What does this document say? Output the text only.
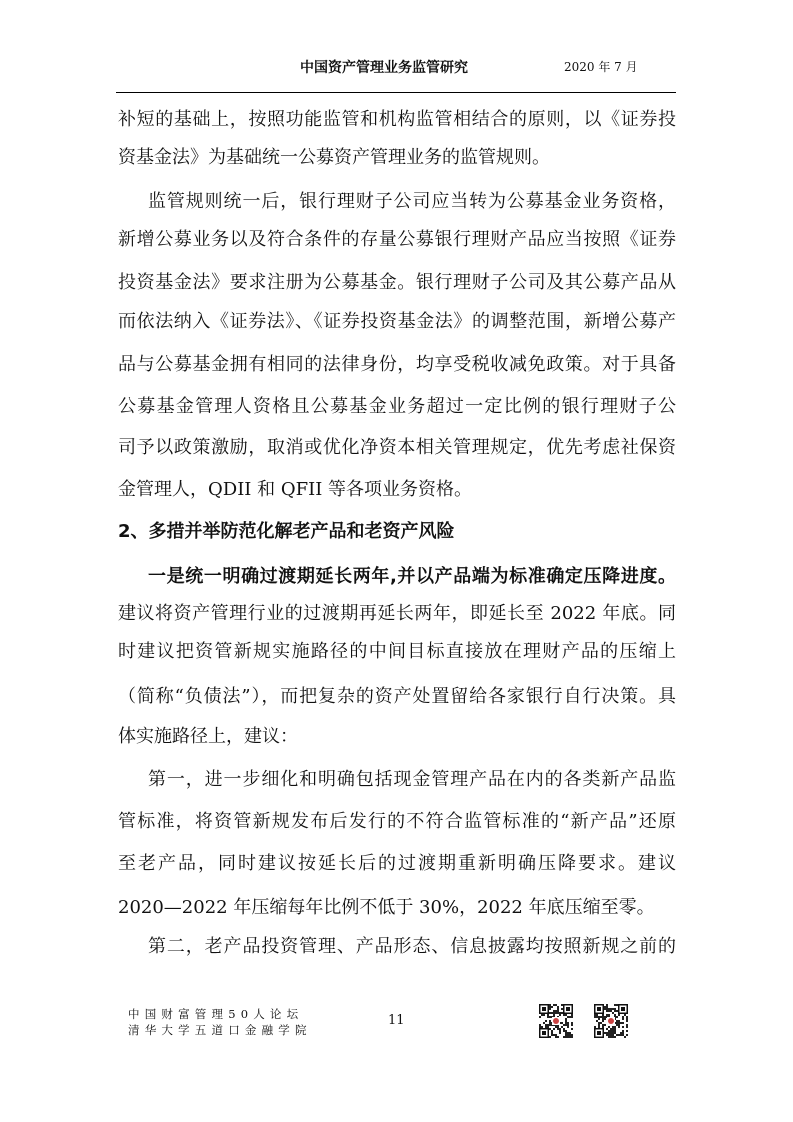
中国资产管理业务监管研究	2020 年 7 月
补短的基础上，按照功能监管和机构监管相结合的原则，以《证券投
资基金法》为基础统一公募资产管理业务的监管规则。
监管规则统一后，银行理财子公司应当转为公募基金业务资格，
新增公募业务以及符合条件的存量公募银行理财产品应当按照《证券
投资基金法》要求注册为公募基金。银行理财子公司及其公募产品从
而依法纳入《证券法》、《证券投资基金法》的调整范围，新增公募产
品与公募基金拥有相同的法律身份，均享受税收减免政策。对于具备
公募基金管理人资格且公募基金业务超过一定比例的银行理财子公
司予以政策激励，取消或优化净资本相关管理规定，优先考虑社保资
金管理人，QDII 和 QFII 等各项业务资格。
2、多措并举防范化解老产品和老资产风险
一是统一明确过渡期延长两年,并以产品端为标准确定压降进度。
建议将资产管理行业的过渡期再延长两年，即延长至 2022 年底。同
时建议把资管新规实施路径的中间目标直接放在理财产品的压缩上
（简称“负债法”），而把复杂的资产处置留给各家银行自行决策。具
体实施路径上，建议：
第一，进一步细化和明确包括现金管理产品在内的各类新产品监
管标准，将资管新规发布后发行的不符合监管标准的“新产品”还原
至老产品，同时建议按延长后的过渡期重新明确压降要求。建议
2020—2022 年压缩每年比例不低于 30%，2022 年底压缩至零。
第二，老产品投资管理、产品形态、信息披露均按照新规之前的
中国财富管理50人论坛
清华大学五道口金融学院
11
